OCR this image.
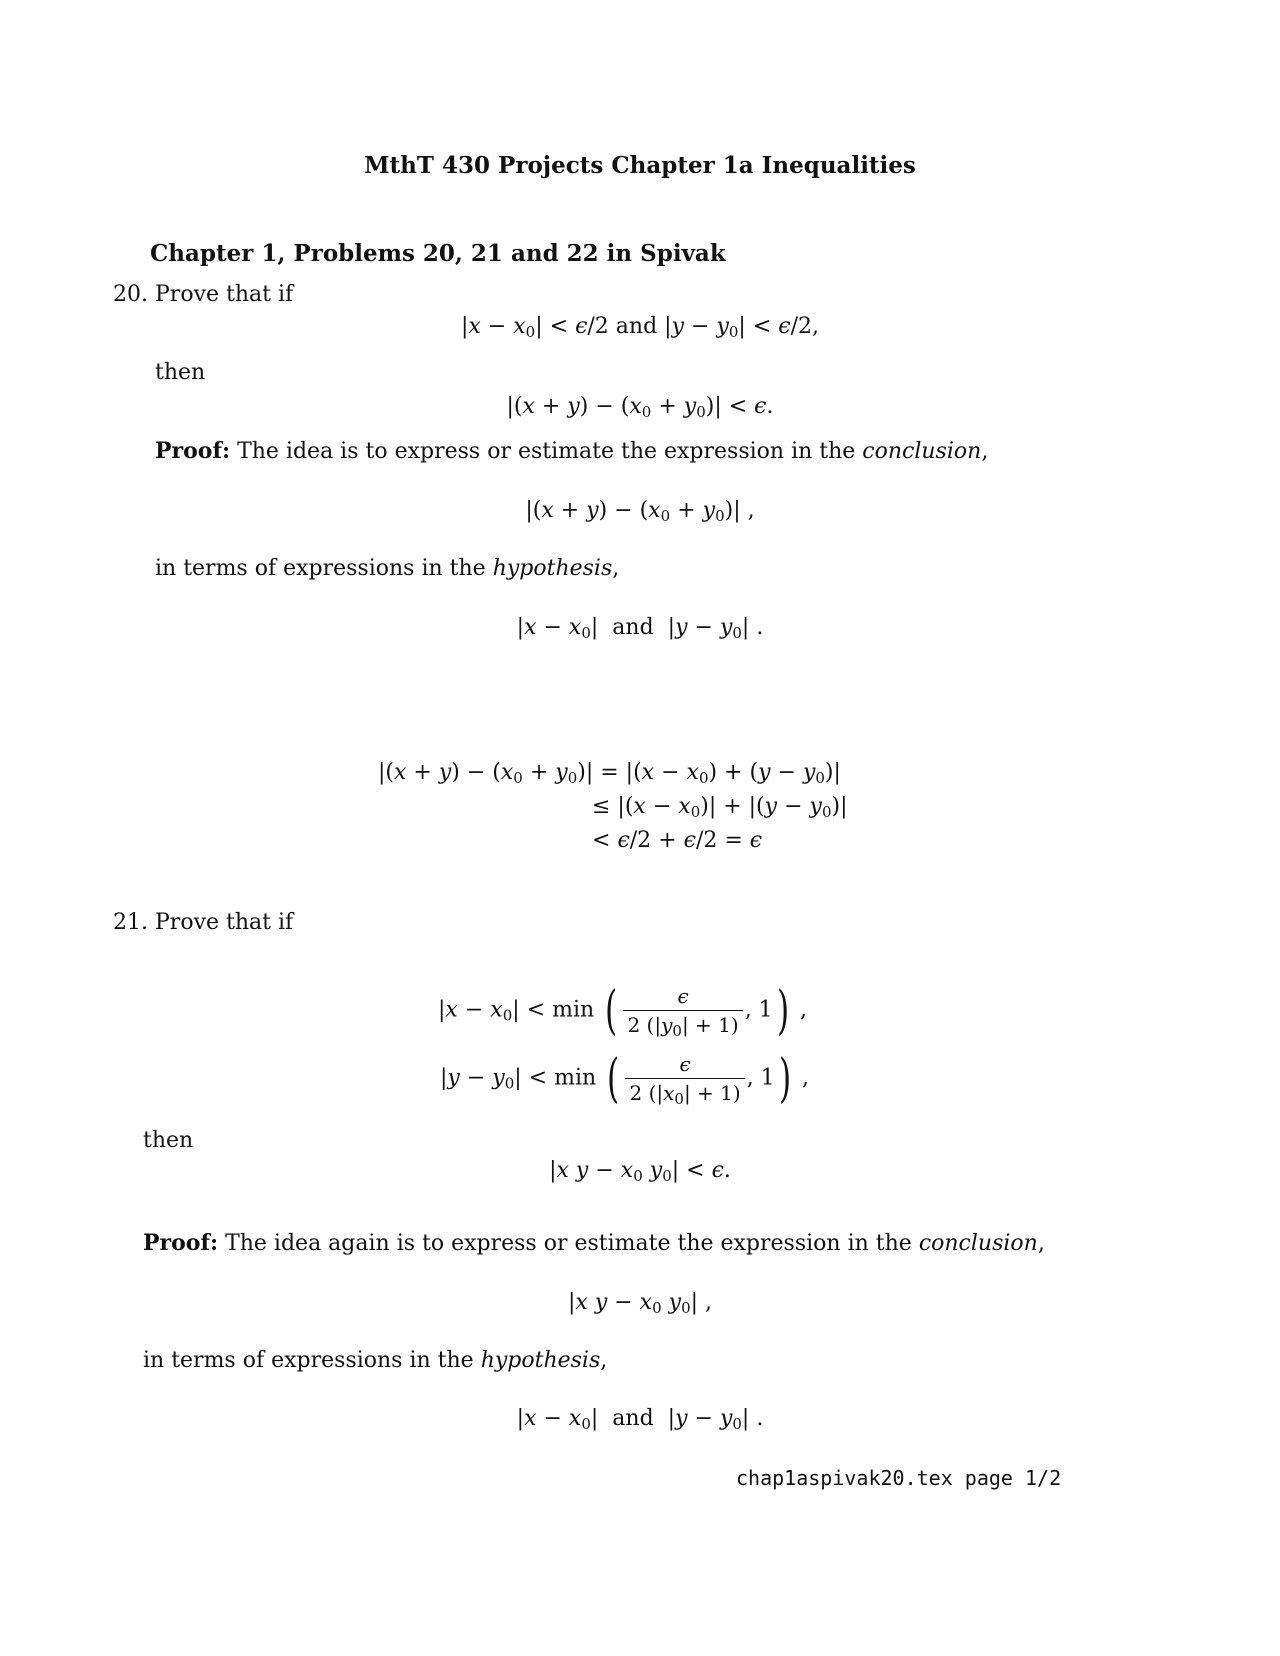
MthT 430 Projects Chapter 1a Inequalities
Chapter 1, Problems 20, 21 and 22 in Spivak
20. Prove that if
$|x - x_0| < \epsilon/2$ and $|y - y_0| < \epsilon/2$,
then
$|(x + y) - (x_0 + y_0)| < \epsilon$.
Proof: The idea is to express or estimate the expression in the conclusion,
$|(x + y) - (x_0 + y_0)|$ ,
in terms of expressions in the hypothesis,
$|x - x_0|$  and  $|y - y_0|$ .
$|(x + y) - (x_0 + y_0)| = |(x - x_0) + (y - y_0)|$
≤ $|(x - x_0)| + |(y - y_0)|$
< ϵ/2 + ϵ/2 = ϵ
21. Prove that if
$|x - x_0| < \min$ ( $\frac{\epsilon}{2 (|y_0| + 1)}$ , 1) ,
$|y - y_0| < \min$ ( $\frac{\epsilon}{2 (|x_0| + 1)}$ , 1) ,
then
|x $y - x_0$ $y_0| < \epsilon$.
Proof: The idea again is to express or estimate the expression in the conclusion,
|x $y - x_0$ $y_0|$ ,
in terms of expressions in the hypothesis,
$|x - x_0|$  and  $|y - y_0|$ .
chap1aspivak20.tex page 1/2
